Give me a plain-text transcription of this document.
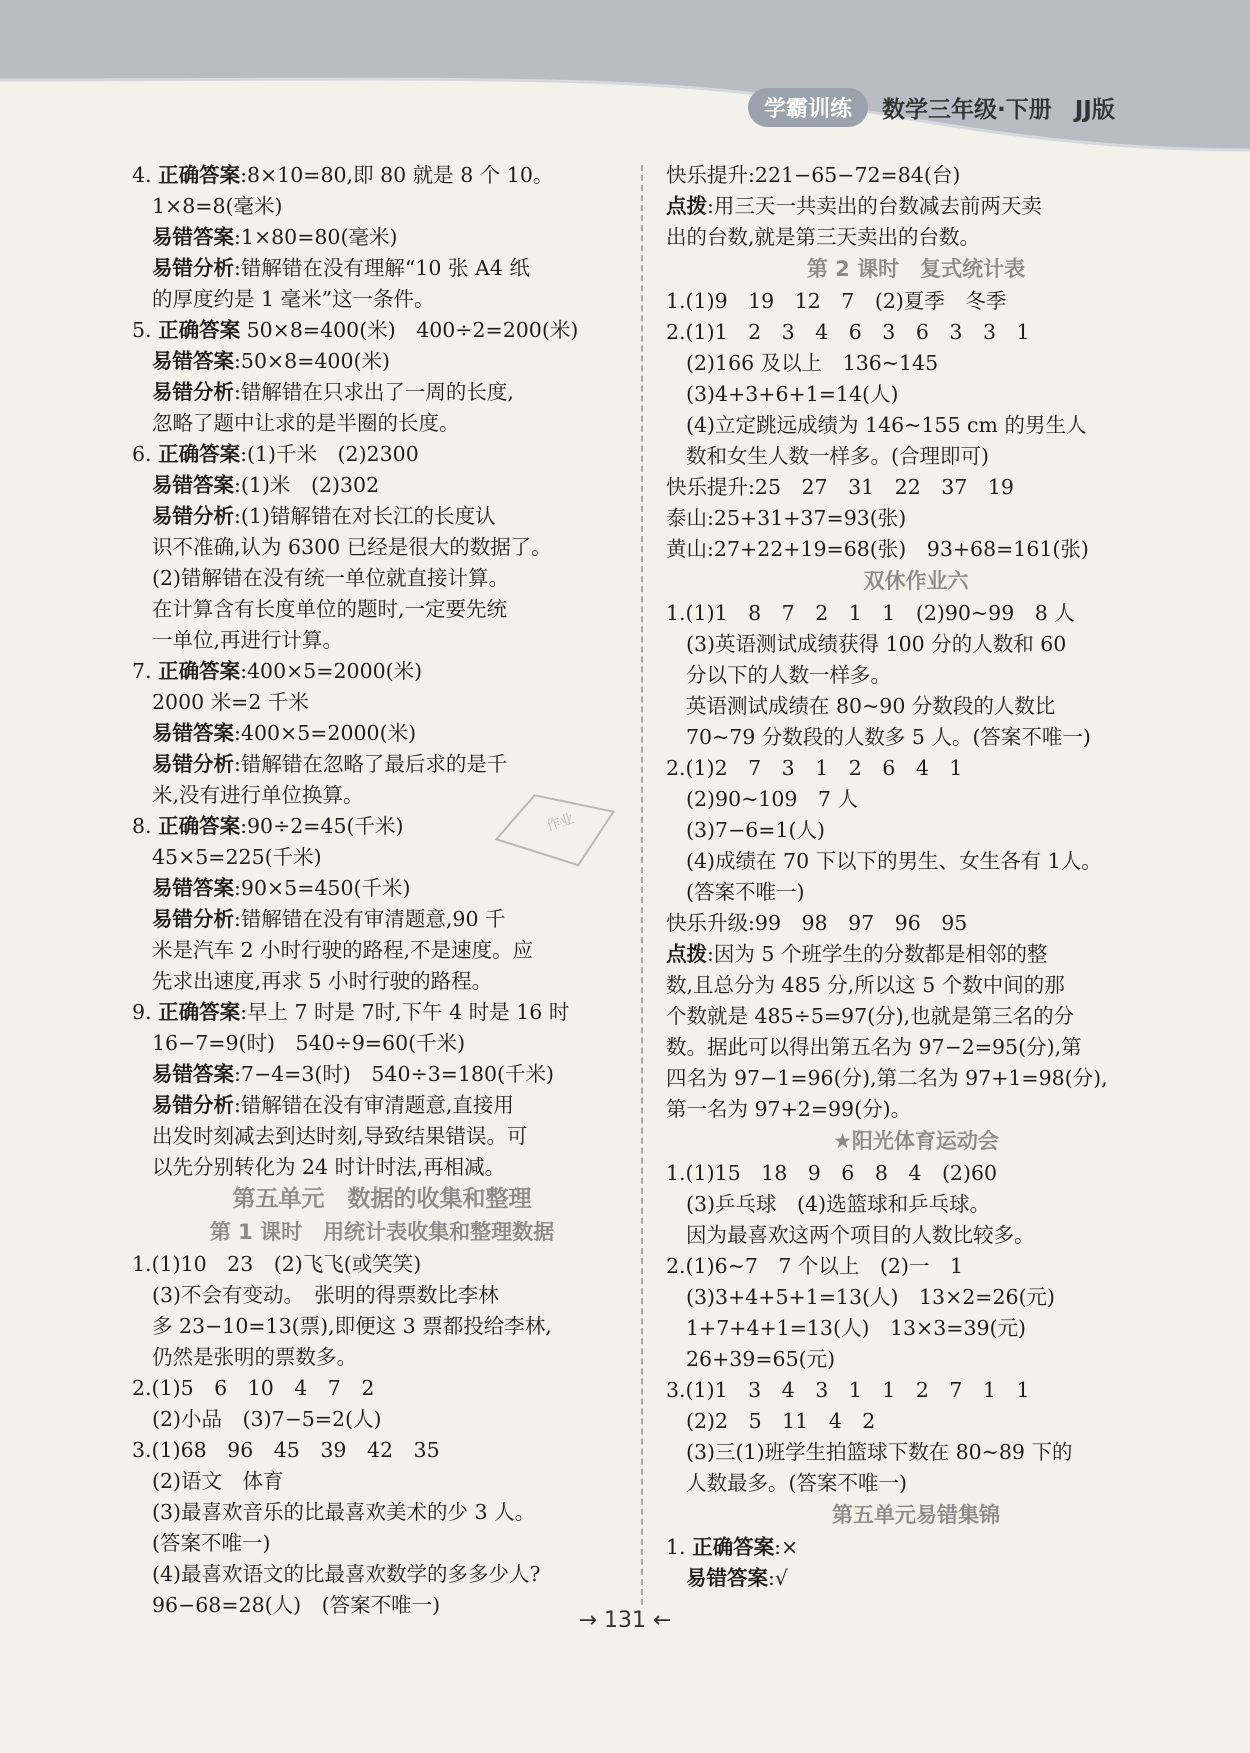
学霸训练	数学三年级·下册　JJ版
4. 正确答案:8×10=80,即 80 就是 8 个 10。
1×8=8(毫米)
易错答案:1×80=80(毫米)
易错分析:错解错在没有理解“10 张 A4 纸
的厚度约是 1 毫米”这一条件。
5. 正确答案 50×8=400(米)　400÷2=200(米)
易错答案:50×8=400(米)
易错分析:错解错在只求出了一周的长度,
忽略了题中让求的是半圈的长度。
6. 正确答案:(1)千米　(2)2300
易错答案:(1)米　(2)302
易错分析:(1)错解错在对长江的长度认
识不准确,认为 6300 已经是很大的数据了。
(2)错解错在没有统一单位就直接计算。
在计算含有长度单位的题时,一定要先统
一单位,再进行计算。
7. 正确答案:400×5=2000(米)
2000 米=2 千米
易错答案:400×5=2000(米)
易错分析:错解错在忽略了最后求的是千
米,没有进行单位换算。
8. 正确答案:90÷2=45(千米)
45×5=225(千米)
易错答案:90×5=450(千米)
易错分析:错解错在没有审清题意,90 千
米是汽车 2 小时行驶的路程,不是速度。应
先求出速度,再求 5 小时行驶的路程。
9. 正确答案:早上 7 时是 7时,下午 4 时是 16 时
16−7=9(时)　540÷9=60(千米)
易错答案:7−4=3(时)　540÷3=180(千米)
易错分析:错解错在没有审清题意,直接用
出发时刻减去到达时刻,导致结果错误。可
以先分别转化为 24 时计时法,再相减。
第五单元　数据的收集和整理
第 1 课时　用统计表收集和整理数据
1.(1)10　23　(2)飞飞(或笑笑)
(3)不会有变动。　张明的得票数比李林
多 23−10=13(票),即便这 3 票都投给李林,
仍然是张明的票数多。
2.(1)5　6　10　4　7　2
(2)小品　(3)7−5=2(人)
3.(1)68　96　45　39　42　35
(2)语文　体育
(3)最喜欢音乐的比最喜欢美术的少 3 人。
(答案不唯一)
(4)最喜欢语文的比最喜欢数学的多多少人?
96−68=28(人)　(答案不唯一)
快乐提升:221−65−72=84(台)
点拨:用三天一共卖出的台数减去前两天卖
出的台数,就是第三天卖出的台数。
第 2 课时　复式统计表
1.(1)9　19　12　7　(2)夏季　冬季
2.(1)1　2　3　4　6　3　6　3　3　1
(2)166 及以上　136~145
(3)4+3+6+1=14(人)
(4)立定跳远成绩为 146~155 cm 的男生人
数和女生人数一样多。(合理即可)
快乐提升:25　27　31　22　37　19
泰山:25+31+37=93(张)
黄山:27+22+19=68(张)　93+68=161(张)
双休作业六
1.(1)1　8　7　2　1　1　(2)90~99　8 人
(3)英语测试成绩获得 100 分的人数和 60
分以下的人数一样多。
英语测试成绩在 80~90 分数段的人数比
70~79 分数段的人数多 5 人。(答案不唯一)
2.(1)2　7　3　1　2　6　4　1
(2)90~109　7 人
(3)7−6=1(人)
(4)成绩在 70 下以下的男生、女生各有 1人。
(答案不唯一)
快乐升级:99　98　97　96　95
点拨:因为 5 个班学生的分数都是相邻的整
数,且总分为 485 分,所以这 5 个数中间的那
个数就是 485÷5=97(分),也就是第三名的分
数。据此可以得出第五名为 97−2=95(分),第
四名为 97−1=96(分),第二名为 97+1=98(分),
第一名为 97+2=99(分)。
★阳光体育运动会
1.(1)15　18　9　6　8　4　(2)60
(3)乒乓球　(4)选篮球和乒乓球。
因为最喜欢这两个项目的人数比较多。
2.(1)6~7　7 个以上　(2)一　1
(3)3+4+5+1=13(人)　13×2=26(元)
1+7+4+1=13(人)　13×3=39(元)
26+39=65(元)
3.(1)1　3　4　3　1　1　2　7　1　1
(2)2　5　11　4　2
(3)三(1)班学生拍篮球下数在 80~89 下的
人数最多。(答案不唯一)
第五单元易错集锦
1. 正确答案:×
易错答案:√
作业
→ 131 ←
